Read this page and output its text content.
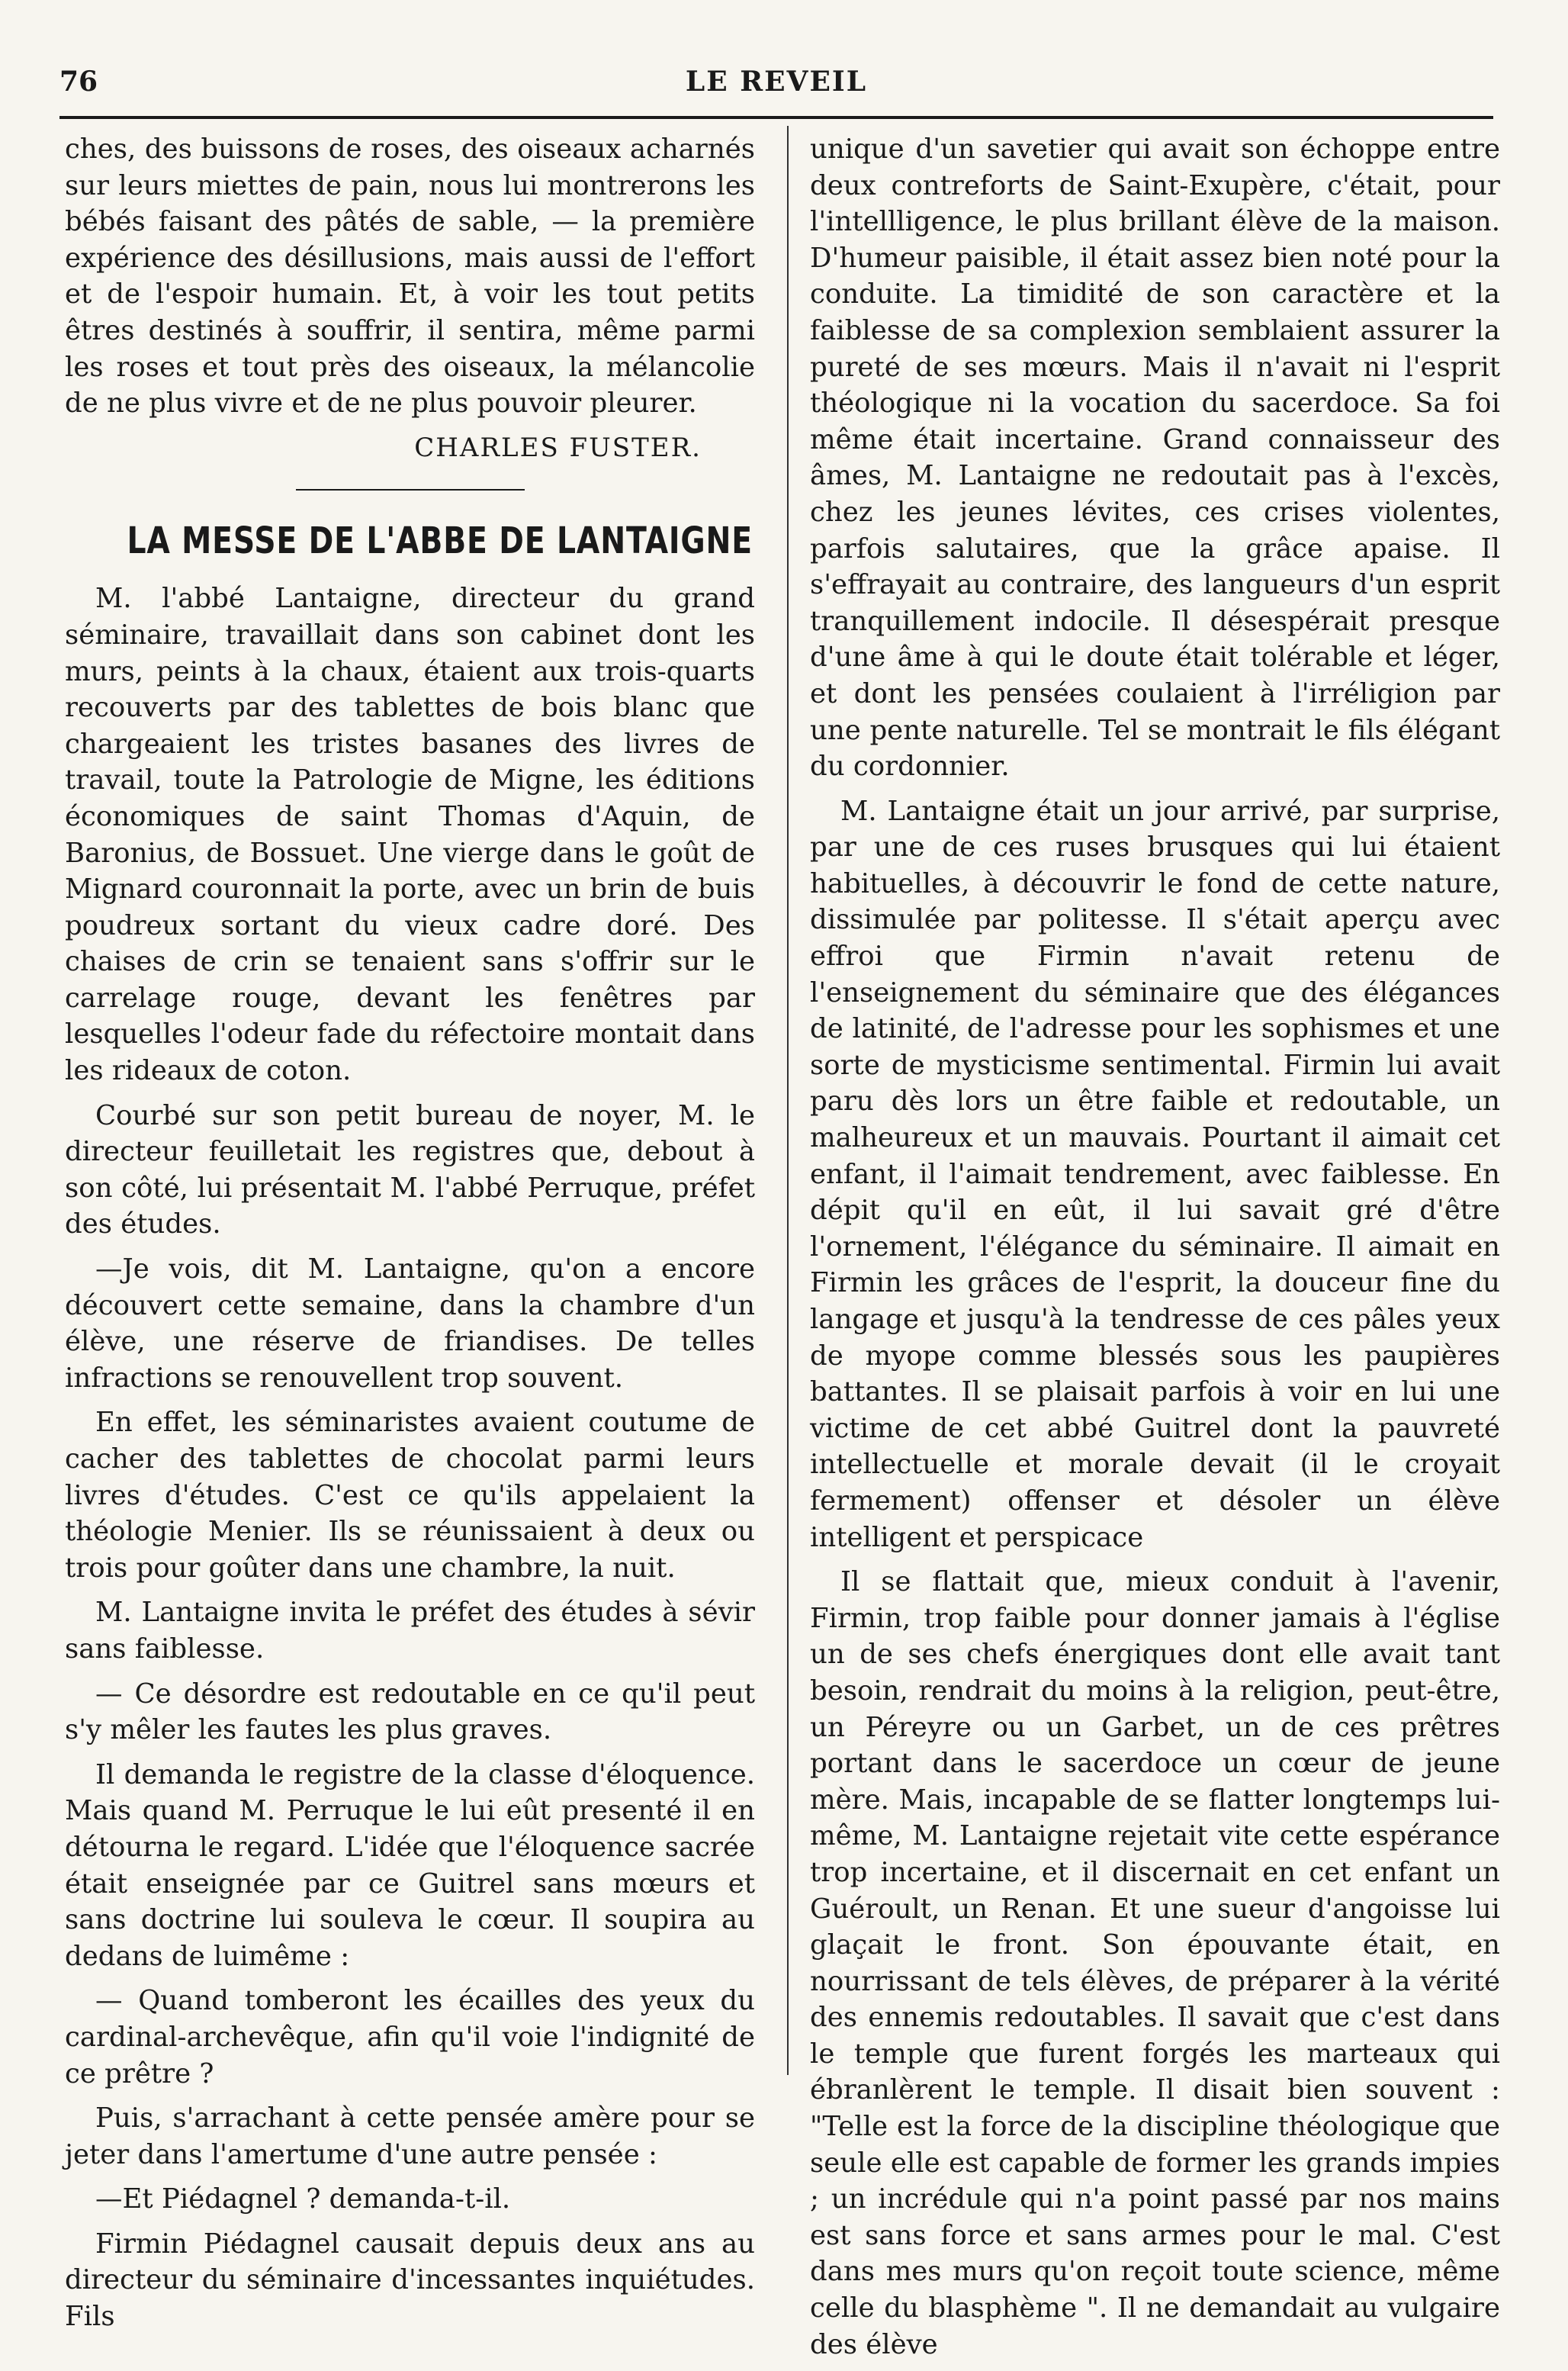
76	LE REVEIL

ches, des buissons de roses, des oiseaux acharnés sur leurs miettes de pain, nous lui montrerons les bébés faisant des pâtés de sable, — la première expérience des désillusions, mais aussi de l'effort et de l'espoir humain. Et, à voir les tout petits êtres destinés à souffrir, il sentira, même parmi les roses et tout près des oiseaux, la mélancolie de ne plus vivre et de ne plus pouvoir pleurer.

CHARLES FUSTER.
LA MESSE DE L'ABBE DE LANTAIGNE

M. l'abbé Lantaigne, directeur du grand séminaire, travaillait dans son cabinet dont les murs, peints à la chaux, étaient aux trois-quarts recouverts par des tablettes de bois blanc que chargeaient les tristes basanes des livres de travail, toute la Patrologie de Migne, les éditions économiques de saint Thomas d'Aquin, de Baronius, de Bossuet. Une vierge dans le goût de Mignard couronnait la porte, avec un brin de buis poudreux sortant du vieux cadre doré. Des chaises de crin se tenaient sans s'offrir sur le carrelage rouge, devant les fenêtres par lesquelles l'odeur fade du réfectoire montait dans les rideaux de coton.

Courbé sur son petit bureau de noyer, M. le directeur feuilletait les registres que, debout à son côté, lui présentait M. l'abbé Perruque, préfet des études.

—Je vois, dit M. Lantaigne, qu'on a encore découvert cette semaine, dans la chambre d'un élève, une réserve de friandises. De telles infractions se renouvellent trop souvent.

En effet, les séminaristes avaient coutume de cacher des tablettes de chocolat parmi leurs livres d'études. C'est ce qu'ils appelaient la théologie Menier. Ils se réunissaient à deux ou trois pour goûter dans une chambre, la nuit.

M. Lantaigne invita le préfet des études à sévir sans faiblesse.

— Ce désordre est redoutable en ce qu'il peut s'y mêler les fautes les plus graves.

Il demanda le registre de la classe d'éloquence. Mais quand M. Perruque le lui eût presenté il en détourna le regard. L'idée que l'éloquence sacrée était enseignée par ce Guitrel sans mœurs et sans doctrine lui souleva le cœur. Il soupira au dedans de luimême :

— Quand tomberont les écailles des yeux du cardinal-archevêque, afin qu'il voie l'indignité de ce prêtre ?

Puis, s'arrachant à cette pensée amère pour se jeter dans l'amertume d'une autre pensée :

—Et Piédagnel ? demanda-t-il.

Firmin Piédagnel causait depuis deux ans au directeur du séminaire d'incessantes inquiétudes. Fils

unique d'un savetier qui avait son échoppe entre deux contreforts de Saint-Exupère, c'était, pour l'intellligence, le plus brillant élève de la maison. D'humeur paisible, il était assez bien noté pour la conduite. La timidité de son caractère et la faiblesse de sa complexion semblaient assurer la pureté de ses mœurs. Mais il n'avait ni l'esprit théologique ni la vocation du sacerdoce. Sa foi même était incertaine. Grand connaisseur des âmes, M. Lantaigne ne redoutait pas à l'excès, chez les jeunes lévites, ces crises violentes, parfois salutaires, que la grâce apaise. Il s'effrayait au contraire, des langueurs d'un esprit tranquillement indocile. Il désespérait presque d'une âme à qui le doute était tolérable et léger, et dont les pensées coulaient à l'irréligion par une pente naturelle. Tel se montrait le fils élégant du cordonnier.

M. Lantaigne était un jour arrivé, par surprise, par une de ces ruses brusques qui lui étaient habituelles, à découvrir le fond de cette nature, dissimulée par politesse. Il s'était aperçu avec effroi que Firmin n'avait retenu de l'enseignement du séminaire que des élégances de latinité, de l'adresse pour les sophismes et une sorte de mysticisme sentimental. Firmin lui avait paru dès lors un être faible et redoutable, un malheureux et un mauvais. Pourtant il aimait cet enfant, il l'aimait tendrement, avec faiblesse. En dépit qu'il en eût, il lui savait gré d'être l'ornement, l'élégance du séminaire. Il aimait en Firmin les grâces de l'esprit, la douceur fine du langage et jusqu'à la tendresse de ces pâles yeux de myope comme blessés sous les paupières battantes. Il se plaisait parfois à voir en lui une victime de cet abbé Guitrel dont la pauvreté intellectuelle et morale devait (il le croyait fermement) offenser et désoler un élève intelligent et perspicace

Il se flattait que, mieux conduit à l'avenir, Firmin, trop faible pour donner jamais à l'église un de ses chefs énergiques dont elle avait tant besoin, rendrait du moins à la religion, peut-être, un Péreyre ou un Garbet, un de ces prêtres portant dans le sacerdoce un cœur de jeune mère. Mais, incapable de se flatter longtemps lui-même, M. Lantaigne rejetait vite cette espérance trop incertaine, et il discernait en cet enfant un Guéroult, un Renan. Et une sueur d'angoisse lui glaçait le front. Son épouvante était, en nourrissant de tels élèves, de préparer à la vérité des ennemis redoutables. Il savait que c'est dans le temple que furent forgés les marteaux qui ébranlèrent le temple. Il disait bien souvent : "Telle est la force de la discipline théologique que seule elle est capable de former les grands impies ; un incrédule qui n'a point passé par nos mains est sans force et sans armes pour le mal. C'est dans mes murs qu'on reçoit toute science, même celle du blasphème ". Il ne demandait au vulgaire des élève
